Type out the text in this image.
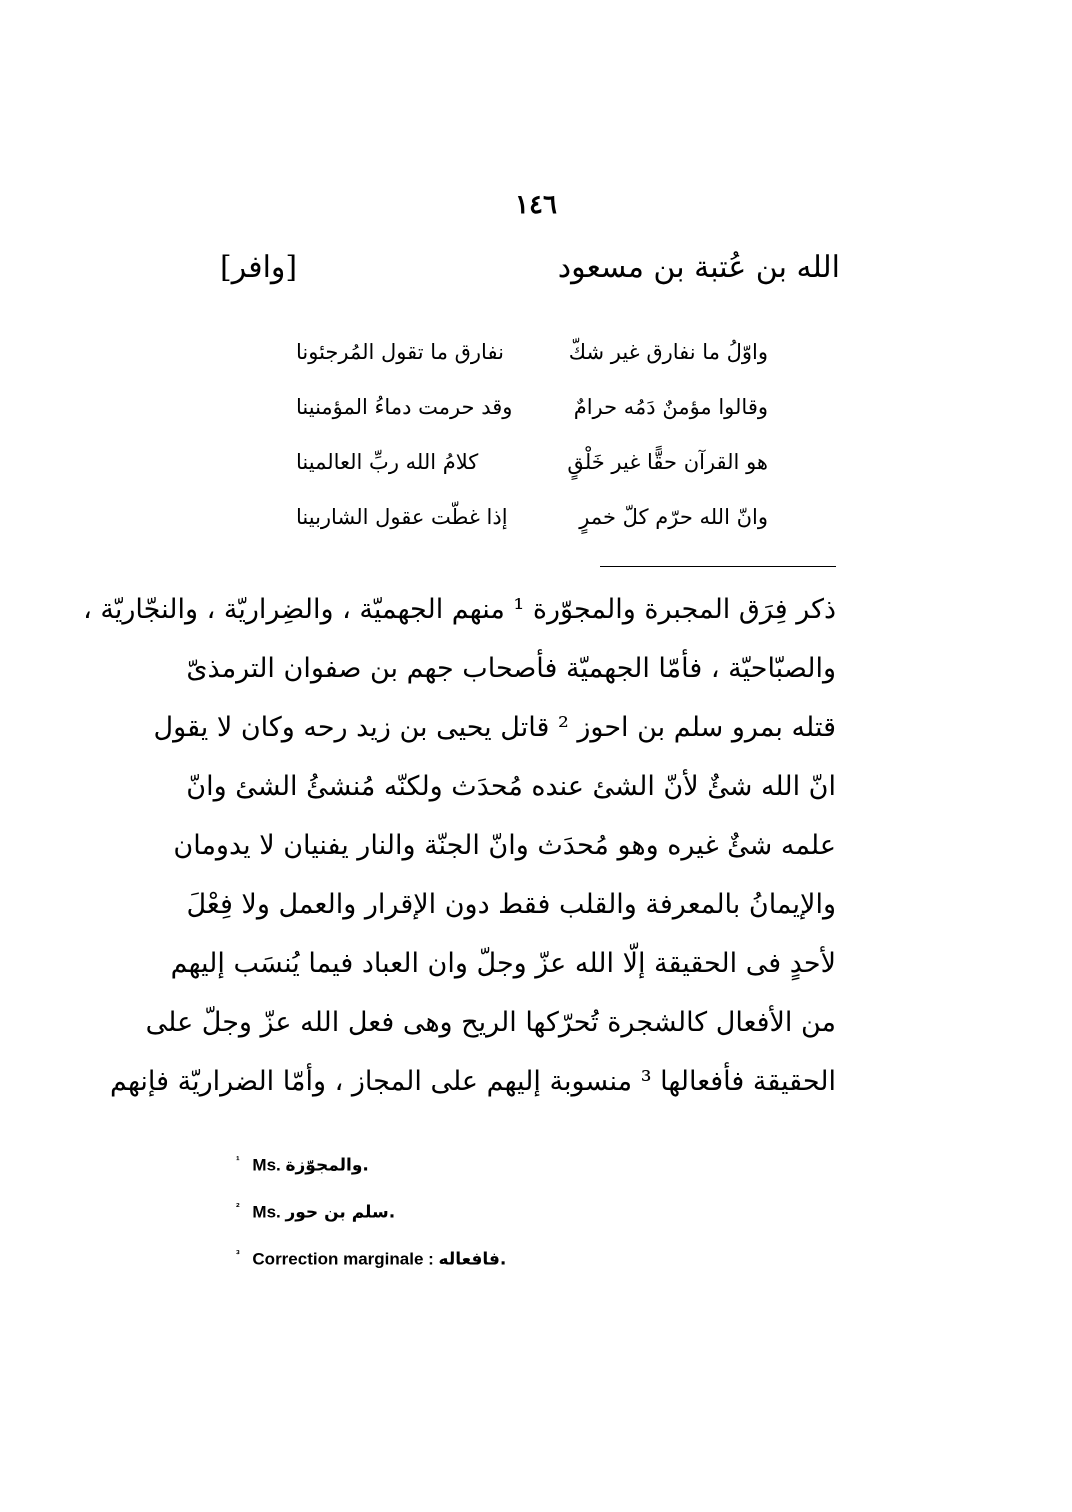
١٤٦
الله بن عُتبة بن مسعود
[وافر]
واوّلُ ما نفارق غير شكّ
نفارق ما تقول المُرجئونا
وقالوا مؤمنٌ دَمُه حرامٌ
وقد حرمت دماءُ المؤمنينا
هو القرآن حقًّا غير خَلْقٍ
كلامُ الله ربِّ العالمينا
وانّ الله حرّم كلّ خمرٍ
إذا غطّت عقول الشاربينا
ذكر فِرَق المجبرة والمجوّرة ¹ منهم الجهميّة ، والضِراريّة ، والنجّاريّة ،
والصبّاحيّة ، فأمّا الجهميّة فأصحاب جهم بن صفوان الترمذىّ
قتله بمرو سلم بن احوز ² قاتل يحيى بن زيد رحه وكان لا يقول
انّ الله شئٌ لأنّ الشئ عنده مُحدَث ولكنّه مُنشئُ الشئ وانّ
علمه شئٌ غيره وهو مُحدَث وانّ الجنّة والنار يفنيان لا يدومان
والإيمانُ بالمعرفة والقلب فقط دون الإقرار والعمل ولا فِعْلَ
لأحدٍ فى الحقيقة إلّا الله عزّ وجلّ وان العباد فيما يُنسَب إليهم
من الأفعال كالشجرة تُحرّكها الريح وهى فعل الله عزّ وجلّ على
الحقيقة فأفعالها ³ منسوبة إليهم على المجاز ، وأمّا الضراريّة فإنهم
$^{^1}$ Ms. والمجوّزة.
$^{^2}$ Ms. سلم بن حور.
$^{^3}$ Correction marginale : فافعاله.
